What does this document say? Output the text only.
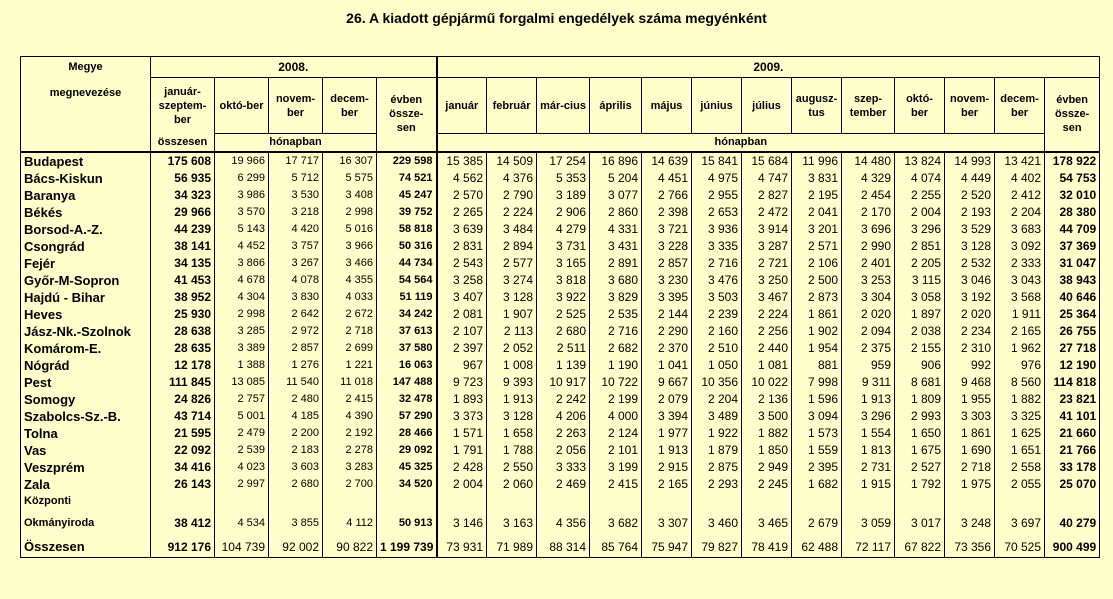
26. A kiadott gépjármű forgalmi engedélyek száma megyénként
Megye
megnevezése	2008.					2009.												
	január-szeptem-ber	októ-ber	novem-ber	decem-ber	évben össze-sen	január	február	már-cius	április	május	június	július	augusz-tus	szep-tember	októ-ber	novem-ber	decem-ber	évben össze-sen
	összesen	hónapban				hónapban												

Budapest	175 608	19 966	17 717	16 307	229 598	15 385	14 509	17 254	16 896	14 639	15 841	15 684	11 996	14 480	13 824	14 993	13 421	178 922

Bács-Kiskun	56 935	6 299	5 712	5 575	74 521	4 562	4 376	5 353	5 204	4 451	4 975	4 747	3 831	4 329	4 074	4 449	4 402	54 753

Baranya	34 323	3 986	3 530	3 408	45 247	2 570	2 790	3 189	3 077	2 766	2 955	2 827	2 195	2 454	2 255	2 520	2 412	32 010

Békés	29 966	3 570	3 218	2 998	39 752	2 265	2 224	2 906	2 860	2 398	2 653	2 472	2 041	2 170	2 004	2 193	2 204	28 380

Borsod-A.-Z.	44 239	5 143	4 420	5 016	58 818	3 639	3 484	4 279	4 331	3 721	3 936	3 914	3 201	3 696	3 296	3 529	3 683	44 709

Csongrád	38 141	4 452	3 757	3 966	50 316	2 831	2 894	3 731	3 431	3 228	3 335	3 287	2 571	2 990	2 851	3 128	3 092	37 369

Fejér	34 135	3 866	3 267	3 466	44 734	2 543	2 577	3 165	2 891	2 857	2 716	2 721	2 106	2 401	2 205	2 532	2 333	31 047

Győr-M-Sopron	41 453	4 678	4 078	4 355	54 564	3 258	3 274	3 818	3 680	3 230	3 476	3 250	2 500	3 253	3 115	3 046	3 043	38 943

Hajdú - Bihar	38 952	4 304	3 830	4 033	51 119	3 407	3 128	3 922	3 829	3 395	3 503	3 467	2 873	3 304	3 058	3 192	3 568	40 646

Heves	25 930	2 998	2 642	2 672	34 242	2 081	1 907	2 525	2 535	2 144	2 239	2 224	1 861	2 020	1 897	2 020	1 911	25 364

Jász-Nk.-Szolnok	28 638	3 285	2 972	2 718	37 613	2 107	2 113	2 680	2 716	2 290	2 160	2 256	1 902	2 094	2 038	2 234	2 165	26 755

Komárom-E.	28 635	3 389	2 857	2 699	37 580	2 397	2 052	2 511	2 682	2 370	2 510	2 440	1 954	2 375	2 155	2 310	1 962	27 718

Nógrád	12 178	1 388	1 276	1 221	16 063	967	1 008	1 139	1 190	1 041	1 050	1 081	881	959	906	992	976	12 190

Pest	111 845	13 085	11 540	11 018	147 488	9 723	9 393	10 917	10 722	9 667	10 356	10 022	7 998	9 311	8 681	9 468	8 560	114 818

Somogy	24 826	2 757	2 480	2 415	32 478	1 893	1 913	2 242	2 199	2 079	2 204	2 136	1 596	1 913	1 809	1 955	1 882	23 821

Szabolcs-Sz.-B.	43 714	5 001	4 185	4 390	57 290	3 373	3 128	4 206	4 000	3 394	3 489	3 500	3 094	3 296	2 993	3 303	3 325	41 101

Tolna	21 595	2 479	2 200	2 192	28 466	1 571	1 658	2 263	2 124	1 977	1 922	1 882	1 573	1 554	1 650	1 861	1 625	21 660

Vas	22 092	2 539	2 183	2 278	29 092	1 791	1 788	2 056	2 101	1 913	1 879	1 850	1 559	1 813	1 675	1 690	1 651	21 766

Veszprém	34 416	4 023	3 603	3 283	45 325	2 428	2 550	3 333	3 199	2 915	2 875	2 949	2 395	2 731	2 527	2 718	2 558	33 178

Zala	26 143	2 997	2 680	2 700	34 520	2 004	2 060	2 469	2 415	2 165	2 293	2 245	1 682	1 915	1 792	1 975	2 055	25 070

Központi
Okmányiroda	38 412	4 534	3 855	4 112	50 913	3 146	3 163	4 356	3 682	3 307	3 460	3 465	2 679	3 059	3 017	3 248	3 697	40 279

Összesen	912 176	104 739	92 002	90 822	1 199 739	73 931	71 989	88 314	85 764	75 947	79 827	78 419	62 488	72 117	67 822	73 356	70 525	900 499
